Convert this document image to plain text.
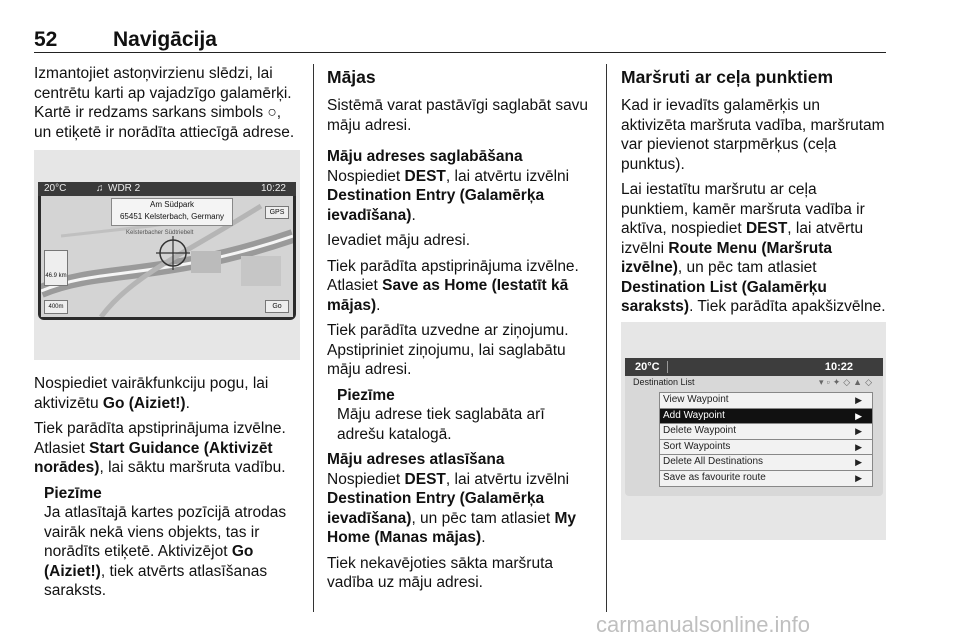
52	Navigācija

Izmantojiet astoņvirzienu slēdzi, lai centrētu karti ap vajadzīgo galamērķi. Kartē ir redzams sarkans simbols ○, un etiķetē ir norādīta attiecīgā adrese.

20°C	♫ WDR 2	10:22
Am Südpark
65451 Kelsterbach, Germany	GPS
46.9 km
400m	Go
Kelsterbacher Südtriebelt

Nospiediet vairākfunkciju pogu, lai aktivizētu Go (Aiziet!).

Tiek parādīta apstiprinājuma izvēlne. Atlasiet Start Guidance (Aktivizēt norādes), lai sāktu maršruta vadību.

Piezīme
Ja atlasītajā kartes pozīcijā atrodas vairāk nekā viens objekts, tas ir norādīts etiķetē. Aktivizējot Go (Aiziet!), tiek atvērts atlasīšanas saraksts.
Mājas

Sistēmā varat pastāvīgi saglabāt savu māju adresi.

Māju adreses saglabāšana

Nospiediet DEST, lai atvērtu izvēlni Destination Entry (Galamērķa ievadīšana).

Ievadiet māju adresi.

Tiek parādīta apstiprinājuma izvēlne. Atlasiet Save as Home (Iestatīt kā mājas).

Tiek parādīta uzvedne ar ziņojumu. Apstipriniet ziņojumu, lai saglabātu māju adresi.

Piezīme
Māju adrese tiek saglabāta arī adrešu katalogā.
Māju adreses atlasīšana

Nospiediet DEST, lai atvērtu izvēlni Destination Entry (Galamērķa ievadīšana), un pēc tam atlasiet My Home (Manas mājas).

Tiek nekavējoties sākta maršruta vadība uz māju adresi.

Maršruti ar ceļa punktiem

Kad ir ievadīts galamērķis un aktivizēta maršruta vadība, maršrutam var pievienot starpmērķus (ceļa punktus).

Lai iestatītu maršrutu ar ceļa punktiem, kamēr maršruta vadība ir aktīva, nospiediet DEST, lai atvērtu izvēlni Route Menu (Maršruta izvēlne), un pēc tam atlasiet Destination List (Galamērķu saraksts). Tiek parādīta apakšizvēlne.

20°C	10:22
Destination List	▾▫✦◇▲◇
View Waypoint	▶
Add Waypoint	▶
Delete Waypoint	▶
Sort Waypoints	▶
Delete All Destinations	▶
Save as favourite route	▶
carmanualsonline.info
